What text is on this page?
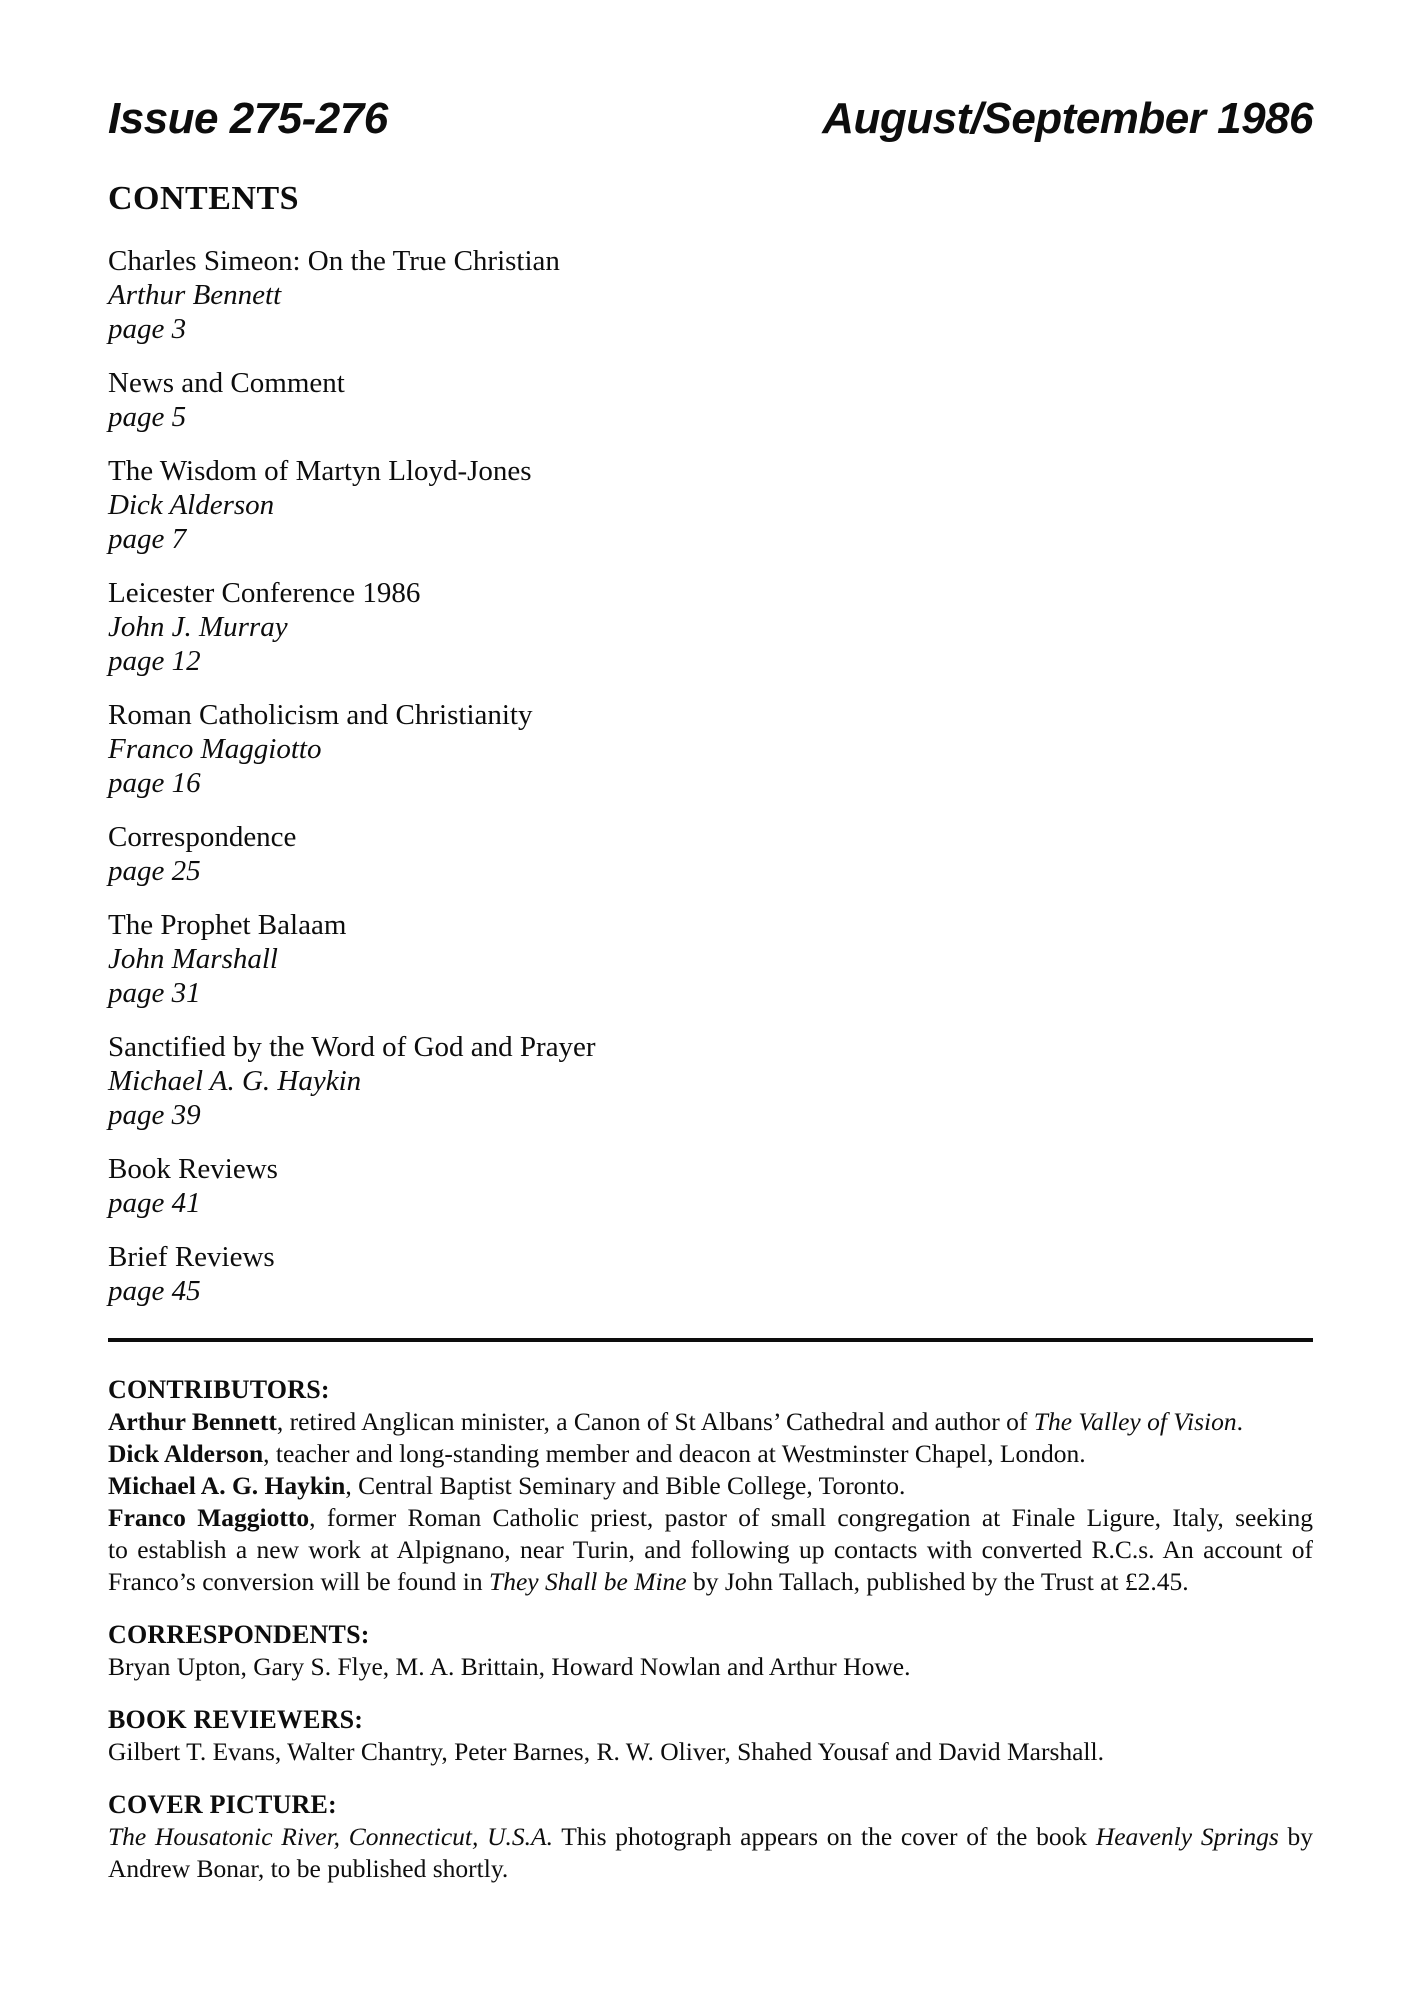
Issue 275-276	August/September 1986
CONTENTS
Charles Simeon: On the True Christian
Arthur Bennett
page 3
News and Comment
page 5
The Wisdom of Martyn Lloyd-Jones
Dick Alderson
page 7
Leicester Conference 1986
John J. Murray
page 12
Roman Catholicism and Christianity
Franco Maggiotto
page 16
Correspondence
page 25
The Prophet Balaam
John Marshall
page 31
Sanctified by the Word of God and Prayer
Michael A. G. Haykin
page 39
Book Reviews
page 41
Brief Reviews
page 45
CONTRIBUTORS:
Arthur Bennett, retired Anglican minister, a Canon of St Albans’ Cathedral and author of The Valley of Vision.
Dick Alderson, teacher and long-standing member and deacon at Westminster Chapel, London.
Michael A. G. Haykin, Central Baptist Seminary and Bible College, Toronto.
Franco Maggiotto, former Roman Catholic priest, pastor of small congregation at Finale Ligure, Italy, seeking
to establish a new work at Alpignano, near Turin, and following up contacts with converted R.C.s. An account of
Franco’s conversion will be found in They Shall be Mine by John Tallach, published by the Trust at £2.45.
CORRESPONDENTS:
Bryan Upton, Gary S. Flye, M. A. Brittain, Howard Nowlan and Arthur Howe.
BOOK REVIEWERS:
Gilbert T. Evans, Walter Chantry, Peter Barnes, R. W. Oliver, Shahed Yousaf and David Marshall.
COVER PICTURE:
The Housatonic River, Connecticut, U.S.A. This photograph appears on the cover of the book Heavenly Springs by
Andrew Bonar, to be published shortly.
